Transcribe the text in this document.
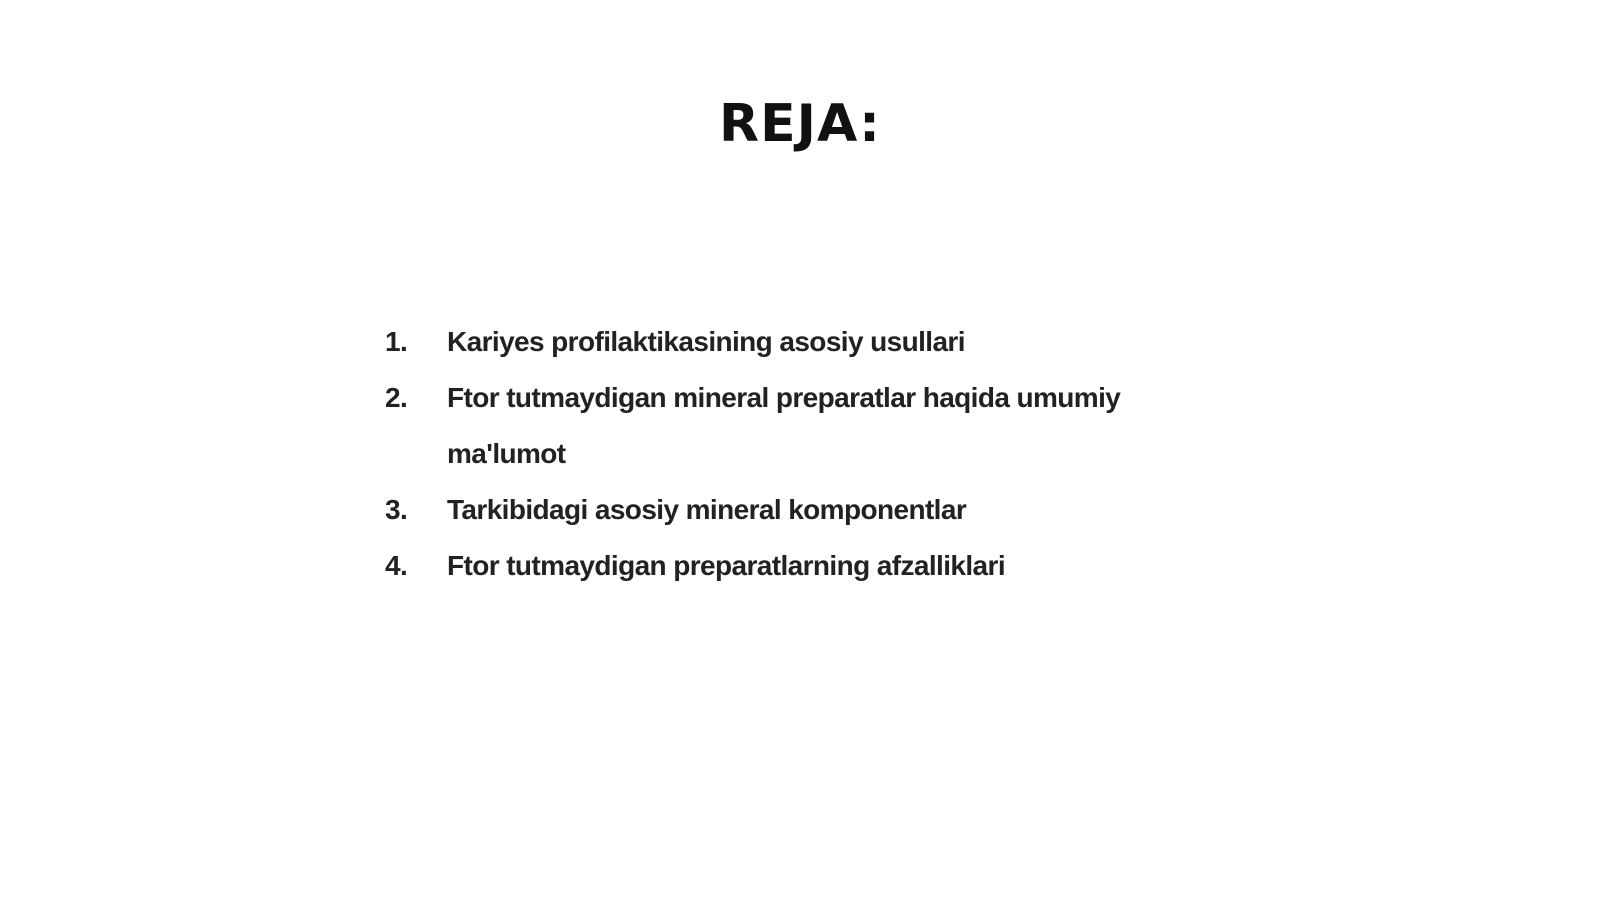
REJA:
1.	Kariyes profilaktikasining asosiy usullari
2.	Ftor tutmaydigan mineral preparatlar haqida umumiy ma'lumot
3.	Tarkibidagi asosiy mineral komponentlar
4.	Ftor tutmaydigan preparatlarning afzalliklari
